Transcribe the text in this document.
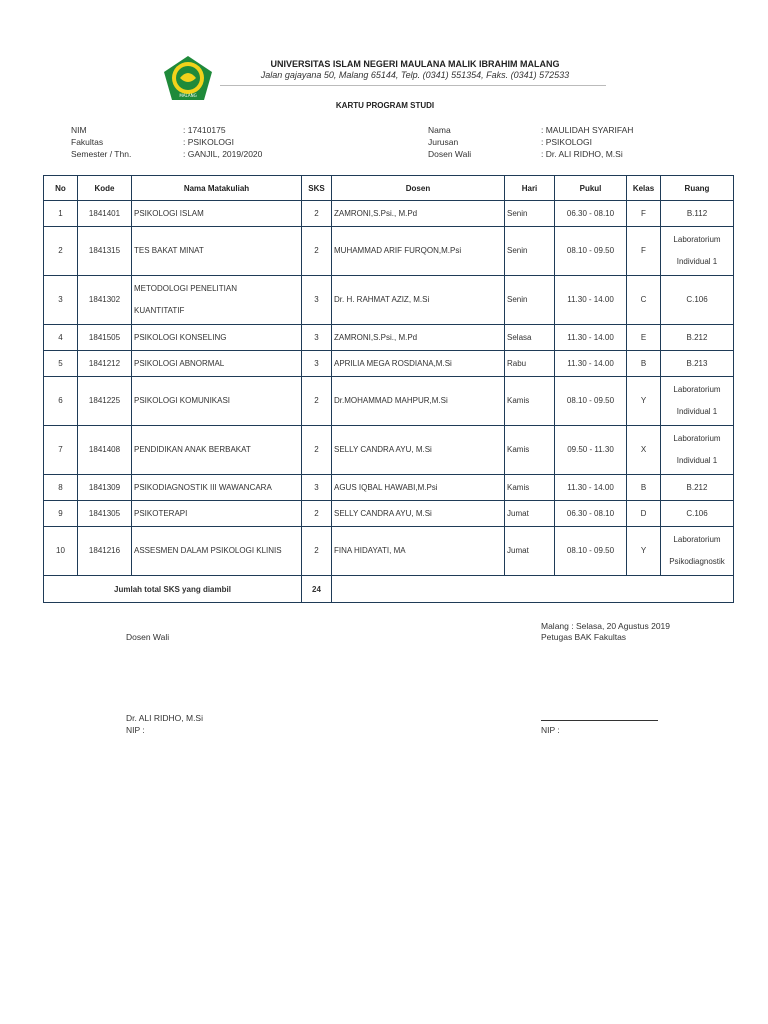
MALANG
UNIVERSITAS ISLAM NEGERI MAULANA MALIK IBRAHIM MALANG
Jalan gajayana 50, Malang 65144, Telp. (0341) 551354, Faks. (0341) 572533
KARTU PROGRAM STUDI
NIM	: 17410175
Fakultas	: PSIKOLOGI
Semester / Thn.	: GANJIL, 2019/2020
Nama	: MAULIDAH SYARIFAH
Jurusan	: PSIKOLOGI
Dosen Wali	: Dr. ALI RIDHO, M.Si
No	Kode	Nama Matakuliah	SKS	Dosen	Hari	Pukul	Kelas	Ruang
1	1841401	PSIKOLOGI ISLAM	2	ZAMRONI,S.Psi., M.Pd	Senin	06.30 - 08.10	F	B.112

2	1841315	TES BAKAT MINAT	2	MUHAMMAD ARIF FURQON,M.Psi	Senin	08.10 - 09.50	F	Laboratorium
Individual 1

3	1841302	METODOLOGI PENELITIAN
KUANTITATIF	3	Dr. H. RAHMAT AZIZ, M.Si	Senin	11.30 - 14.00	C	C.106

4	1841505	PSIKOLOGI KONSELING	3	ZAMRONI,S.Psi., M.Pd	Selasa	11.30 - 14.00	E	B.212

5	1841212	PSIKOLOGI ABNORMAL	3	APRILIA MEGA ROSDIANA,M.Si	Rabu	11.30 - 14.00	B	B.213

6	1841225	PSIKOLOGI KOMUNIKASI	2	Dr.MOHAMMAD MAHPUR,M.Si	Kamis	08.10 - 09.50	Y	Laboratorium
Individual 1

7	1841408	PENDIDIKAN ANAK BERBAKAT	2	SELLY CANDRA AYU, M.Si	Kamis	09.50 - 11.30	X	Laboratorium
Individual 1

8	1841309	PSIKODIAGNOSTIK III WAWANCARA	3	AGUS IQBAL HAWABI,M.Psi	Kamis	11.30 - 14.00	B	B.212

9	1841305	PSIKOTERAPI	2	SELLY CANDRA AYU, M.Si	Jumat	06.30 - 08.10	D	C.106

10	1841216	ASSESMEN DALAM PSIKOLOGI KLINIS	2	FINA HIDAYATI, MA	Jumat	08.10 - 09.50	Y	Laboratorium
Psikodiagnostik

Jumlah total SKS yang diambil			24					
Dosen Wali
Dr. ALI RIDHO, M.Si
NIP :
Malang : Selasa, 20 Agustus 2019
Petugas BAK Fakultas
NIP :
